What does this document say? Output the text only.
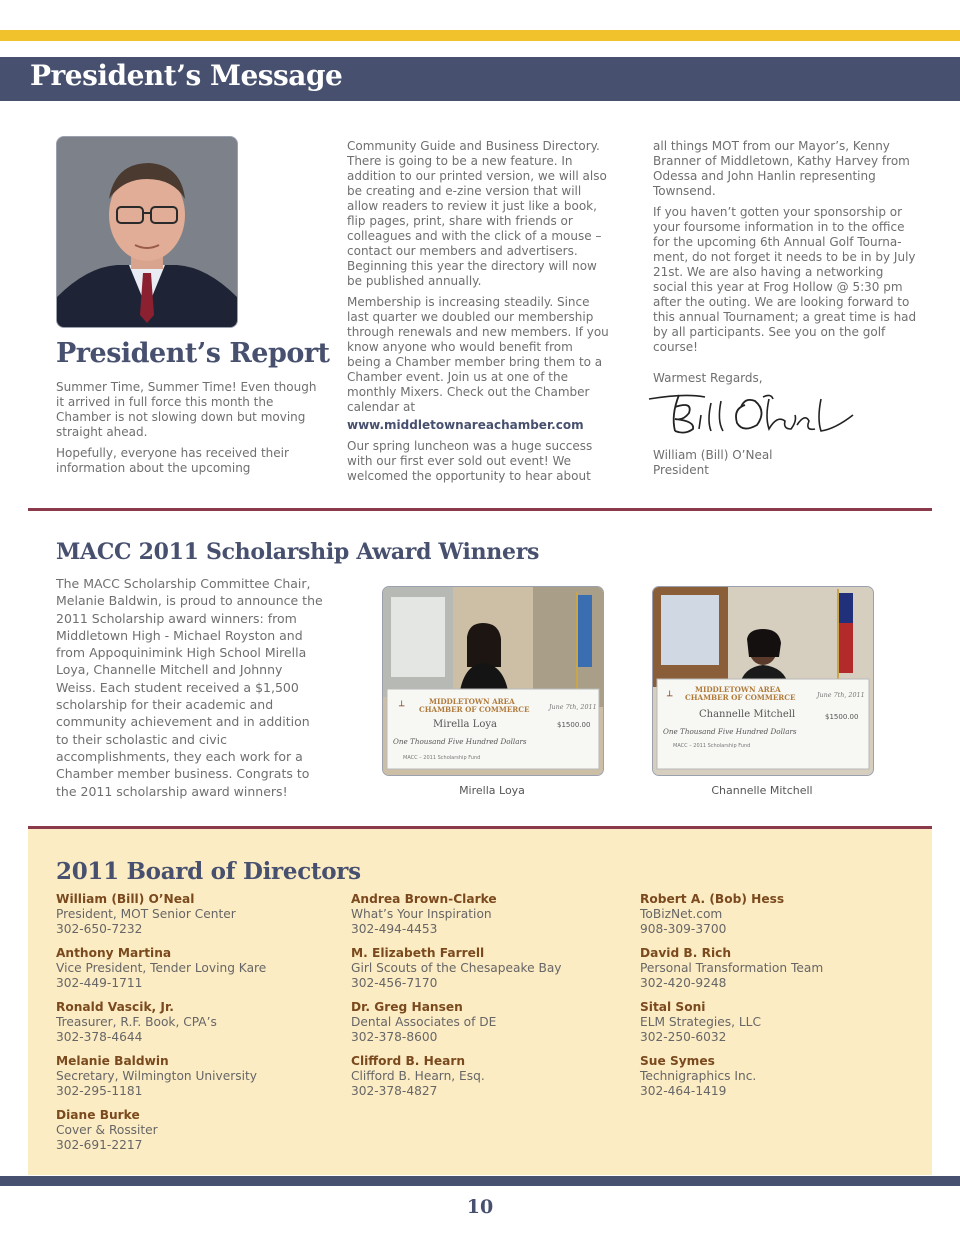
President’s Message
President’s Report

Summer Time, Summer Time! Even though it arrived in full force this month the Chamber is not slowing down but moving straight ahead.

Hopefully, everyone has received their information about the upcoming

Community Guide and Business Directory. There is going to be a new feature. In addition to our printed version, we will also be creating and e-zine version that will allow readers to review it just like a book, flip pages, print, share with friends or colleagues and with the click of a mouse – contact our members and advertisers. Beginning this year the directory will now be published annually.

Membership is increasing steadily. Since last quarter we doubled our membership through renewals and new members. If you know anyone who would benefit from being a Chamber member bring them to a Chamber event. Join us at one of the monthly Mixers. Check out the Chamber calendar at

www.middletownareachamber.com

Our spring luncheon was a huge success with our first ever sold out event! We welcomed the opportunity to hear about

all things MOT from our Mayor’s, Kenny Branner of Middletown, Kathy Harvey from Odessa and John Hanlin representing Townsend.

If you haven’t gotten your sponsorship or your foursome information in to the office for the upcoming 6th Annual Golf Tourna-ment, do not forget it needs to be in by July 21st. We are also having a networking social this year at Frog Hollow @ 5:30 pm after the outing. We are looking forward to this annual Tournament; a great time is had by all participants. See you on the golf course!

Warmest Regards,

William (Bill) O’Neal
President
MACC 2011 Scholarship Award Winners

The MACC Scholarship Committee Chair, Melanie Baldwin, is proud to announce the 2011 Scholarship award winners: from Middletown High - Michael Royston and from Appoquinimink High School Mirella Loya, Channelle Mitchell and Johnny Weiss. Each student received a $1,500 scholarship for their academic and community achievement and in addition to their scholastic and civic accomplishments, they each work for a Chamber member business. Congrats to the 2011 scholarship award winners!

┴
MIDDLETOWN AREA
CHAMBER OF COMMERCE	June 7th, 2011
Mirella Loya	$1500.00
One Thousand Five Hundred Dollars
MACC – 2011 Scholarship Fund
Mirella Loya
┴
MIDDLETOWN AREA
CHAMBER OF COMMERCE	June 7th, 2011
Channelle Mitchell	$1500.00
One Thousand Five Hundred Dollars
MACC – 2011 Scholarship Fund
Channelle Mitchell
2011 Board of Directors
William (Bill) O’Neal
President, MOT Senior Center
302-650-7232
Anthony Martina
Vice President, Tender Loving Kare
302-449-1711
Ronald Vascik, Jr.
Treasurer, R.F. Book, CPA’s
302-378-4644
Melanie Baldwin
Secretary, Wilmington University
302-295-1181
Diane Burke
Cover & Rossiter
302-691-2217
Andrea Brown-Clarke
What’s Your Inspiration
302-494-4453
M. Elizabeth Farrell
Girl Scouts of the Chesapeake Bay
302-456-7170
Dr. Greg Hansen
Dental Associates of DE
302-378-8600
Clifford B. Hearn
Clifford B. Hearn, Esq.
302-378-4827
Robert A. (Bob) Hess
ToBizNet.com
908-309-3700
David B. Rich
Personal Transformation Team
302-420-9248
Sital Soni
ELM Strategies, LLC
302-250-6032
Sue Symes
Technigraphics Inc.
302-464-1419
10
